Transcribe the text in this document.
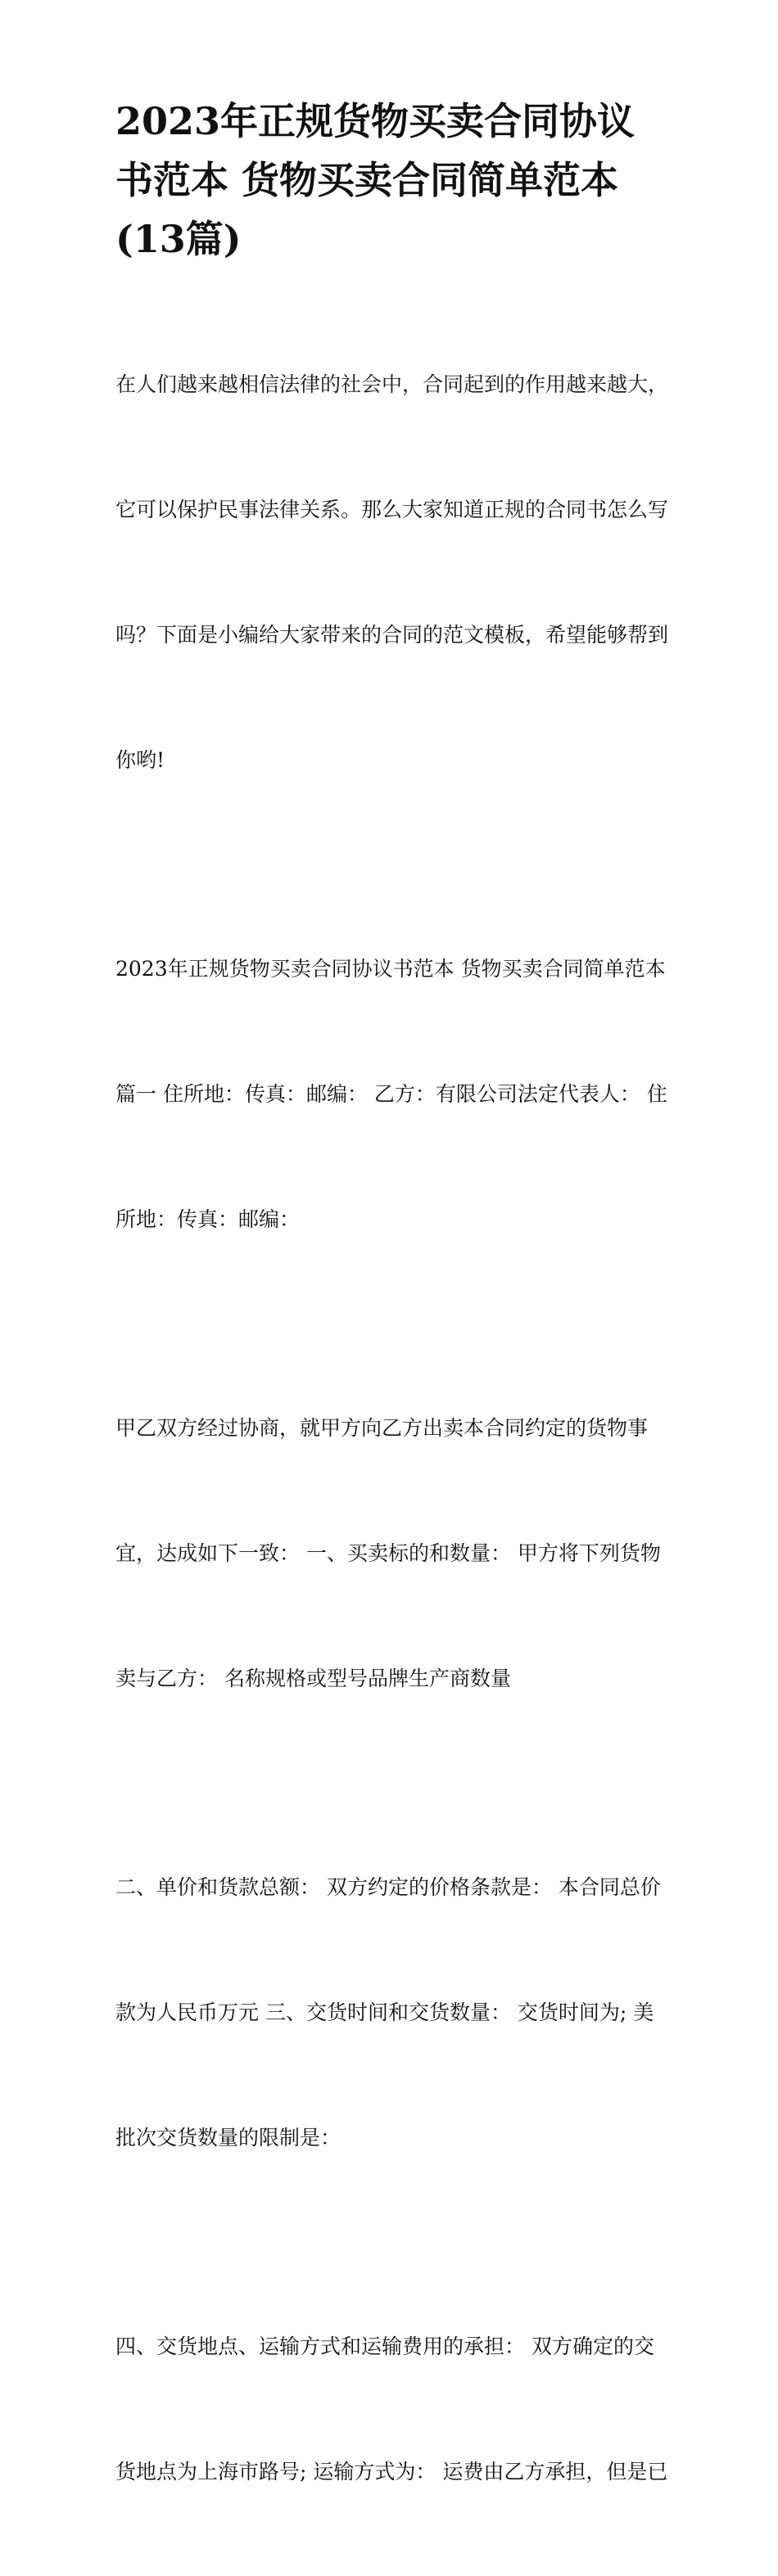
2023年正规货物买卖合同协议
书范本 货物买卖合同简单范本
(13篇)

在人们越来越相信法律的社会中，合同起到的作用越来越大，

它可以保护民事法律关系。那么大家知道正规的合同书怎么写

吗？下面是小编给大家带来的合同的范文模板，希望能够帮到

你哟!

2023年正规货物买卖合同协议书范本 货物买卖合同简单范本

篇一 住所地：传真：邮编： 乙方：有限公司法定代表人： 住

所地：传真：邮编：

甲乙双方经过协商，就甲方向乙方出卖本合同约定的货物事

宜，达成如下一致： 一、买卖标的和数量： 甲方将下列货物

卖与乙方： 名称规格或型号品牌生产商数量

二、单价和货款总额： 双方约定的价格条款是： 本合同总价

款为人民币万元 三、交货时间和交货数量： 交货时间为; 美

批次交货数量的限制是：

四、交货地点、运输方式和运输费用的承担： 双方确定的交

货地点为上海市路号; 运输方式为： 运费由乙方承担，但是已
